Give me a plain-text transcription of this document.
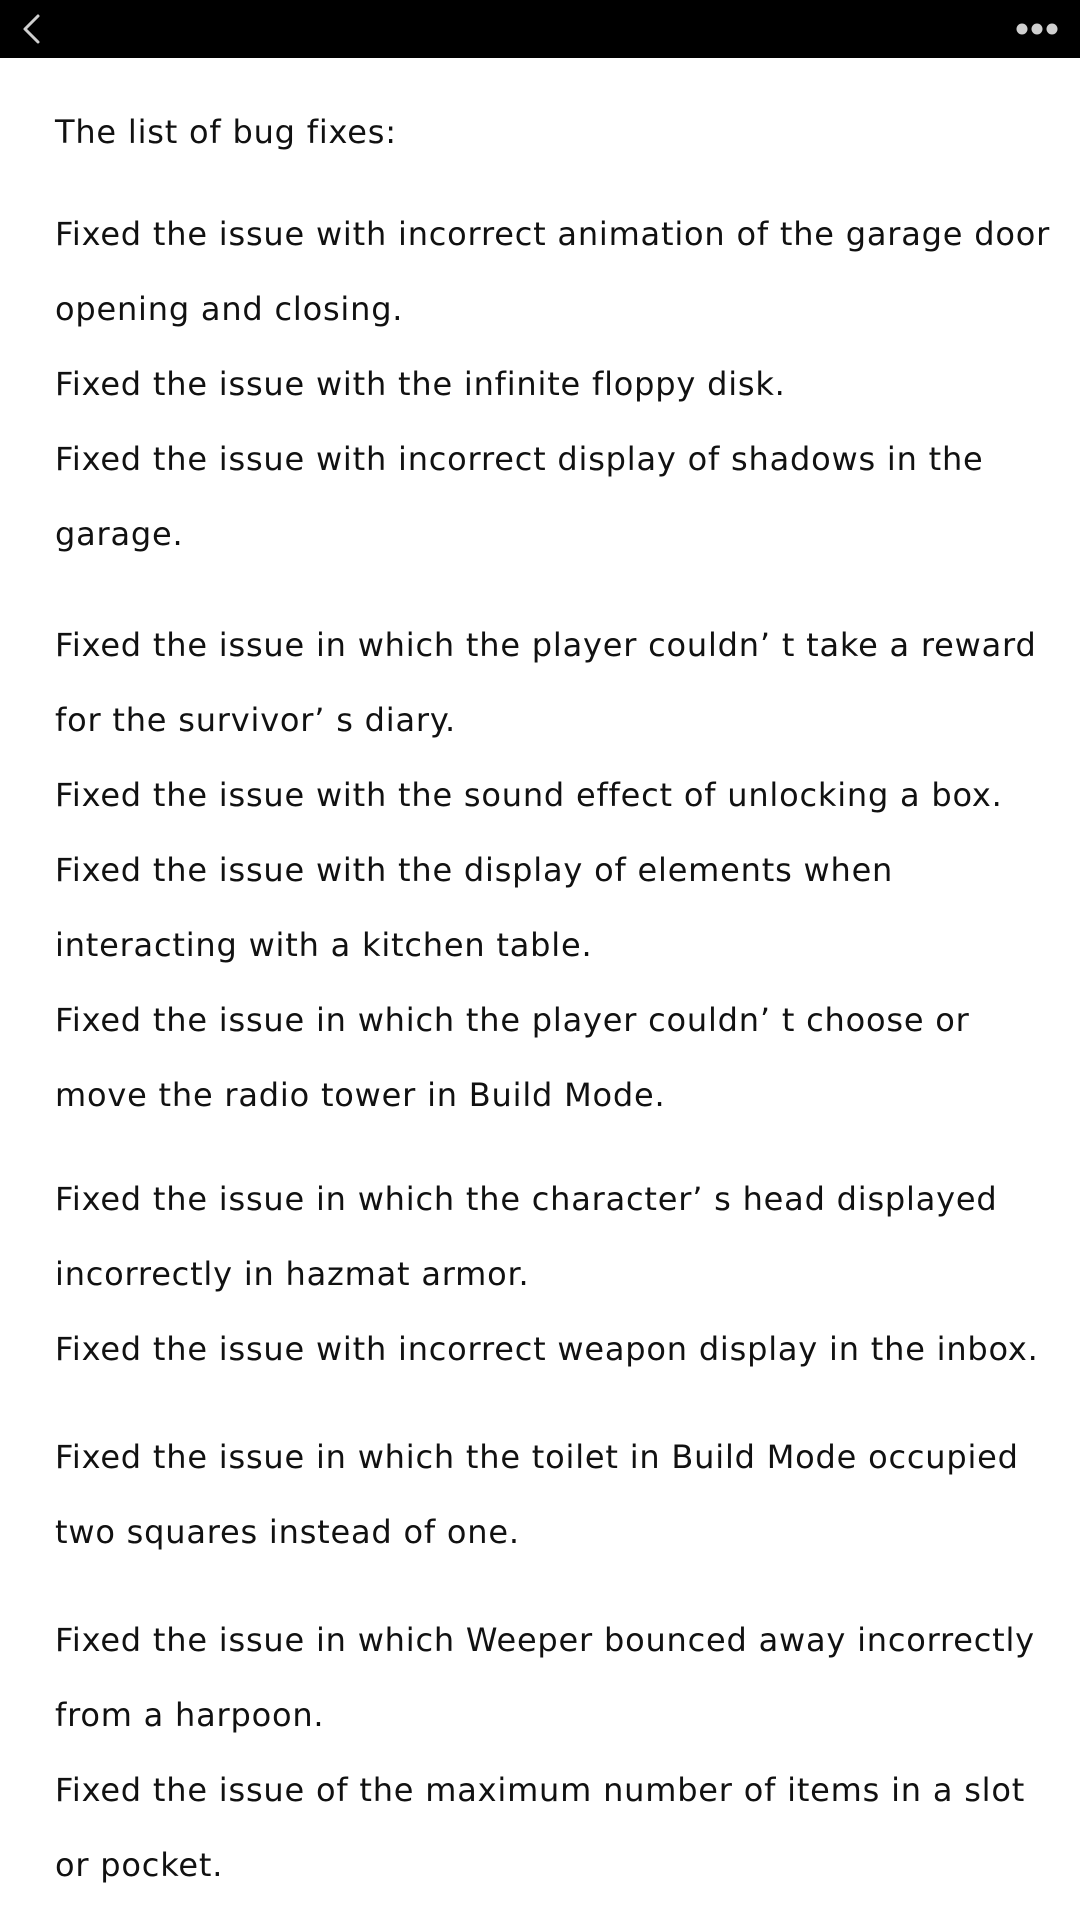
The list of bug fixes:
Fixed the issue with incorrect animation of the garage door
opening and closing.
Fixed the issue with the infinite floppy disk.
Fixed the issue with incorrect display of shadows in the
garage.
Fixed the issue in which the player couldn’ t take a reward
for the survivor’ s diary.
Fixed the issue with the sound effect of unlocking a box.
Fixed the issue with the display of elements when
interacting with a kitchen table.
Fixed the issue in which the player couldn’ t choose or
move the radio tower in Build Mode.
Fixed the issue in which the character’ s head displayed
incorrectly in hazmat armor.
Fixed the issue with incorrect weapon display in the inbox.
Fixed the issue in which the toilet in Build Mode occupied
two squares instead of one.
Fixed the issue in which Weeper bounced away incorrectly
from a harpoon.
Fixed the issue of the maximum number of items in a slot
or pocket.
